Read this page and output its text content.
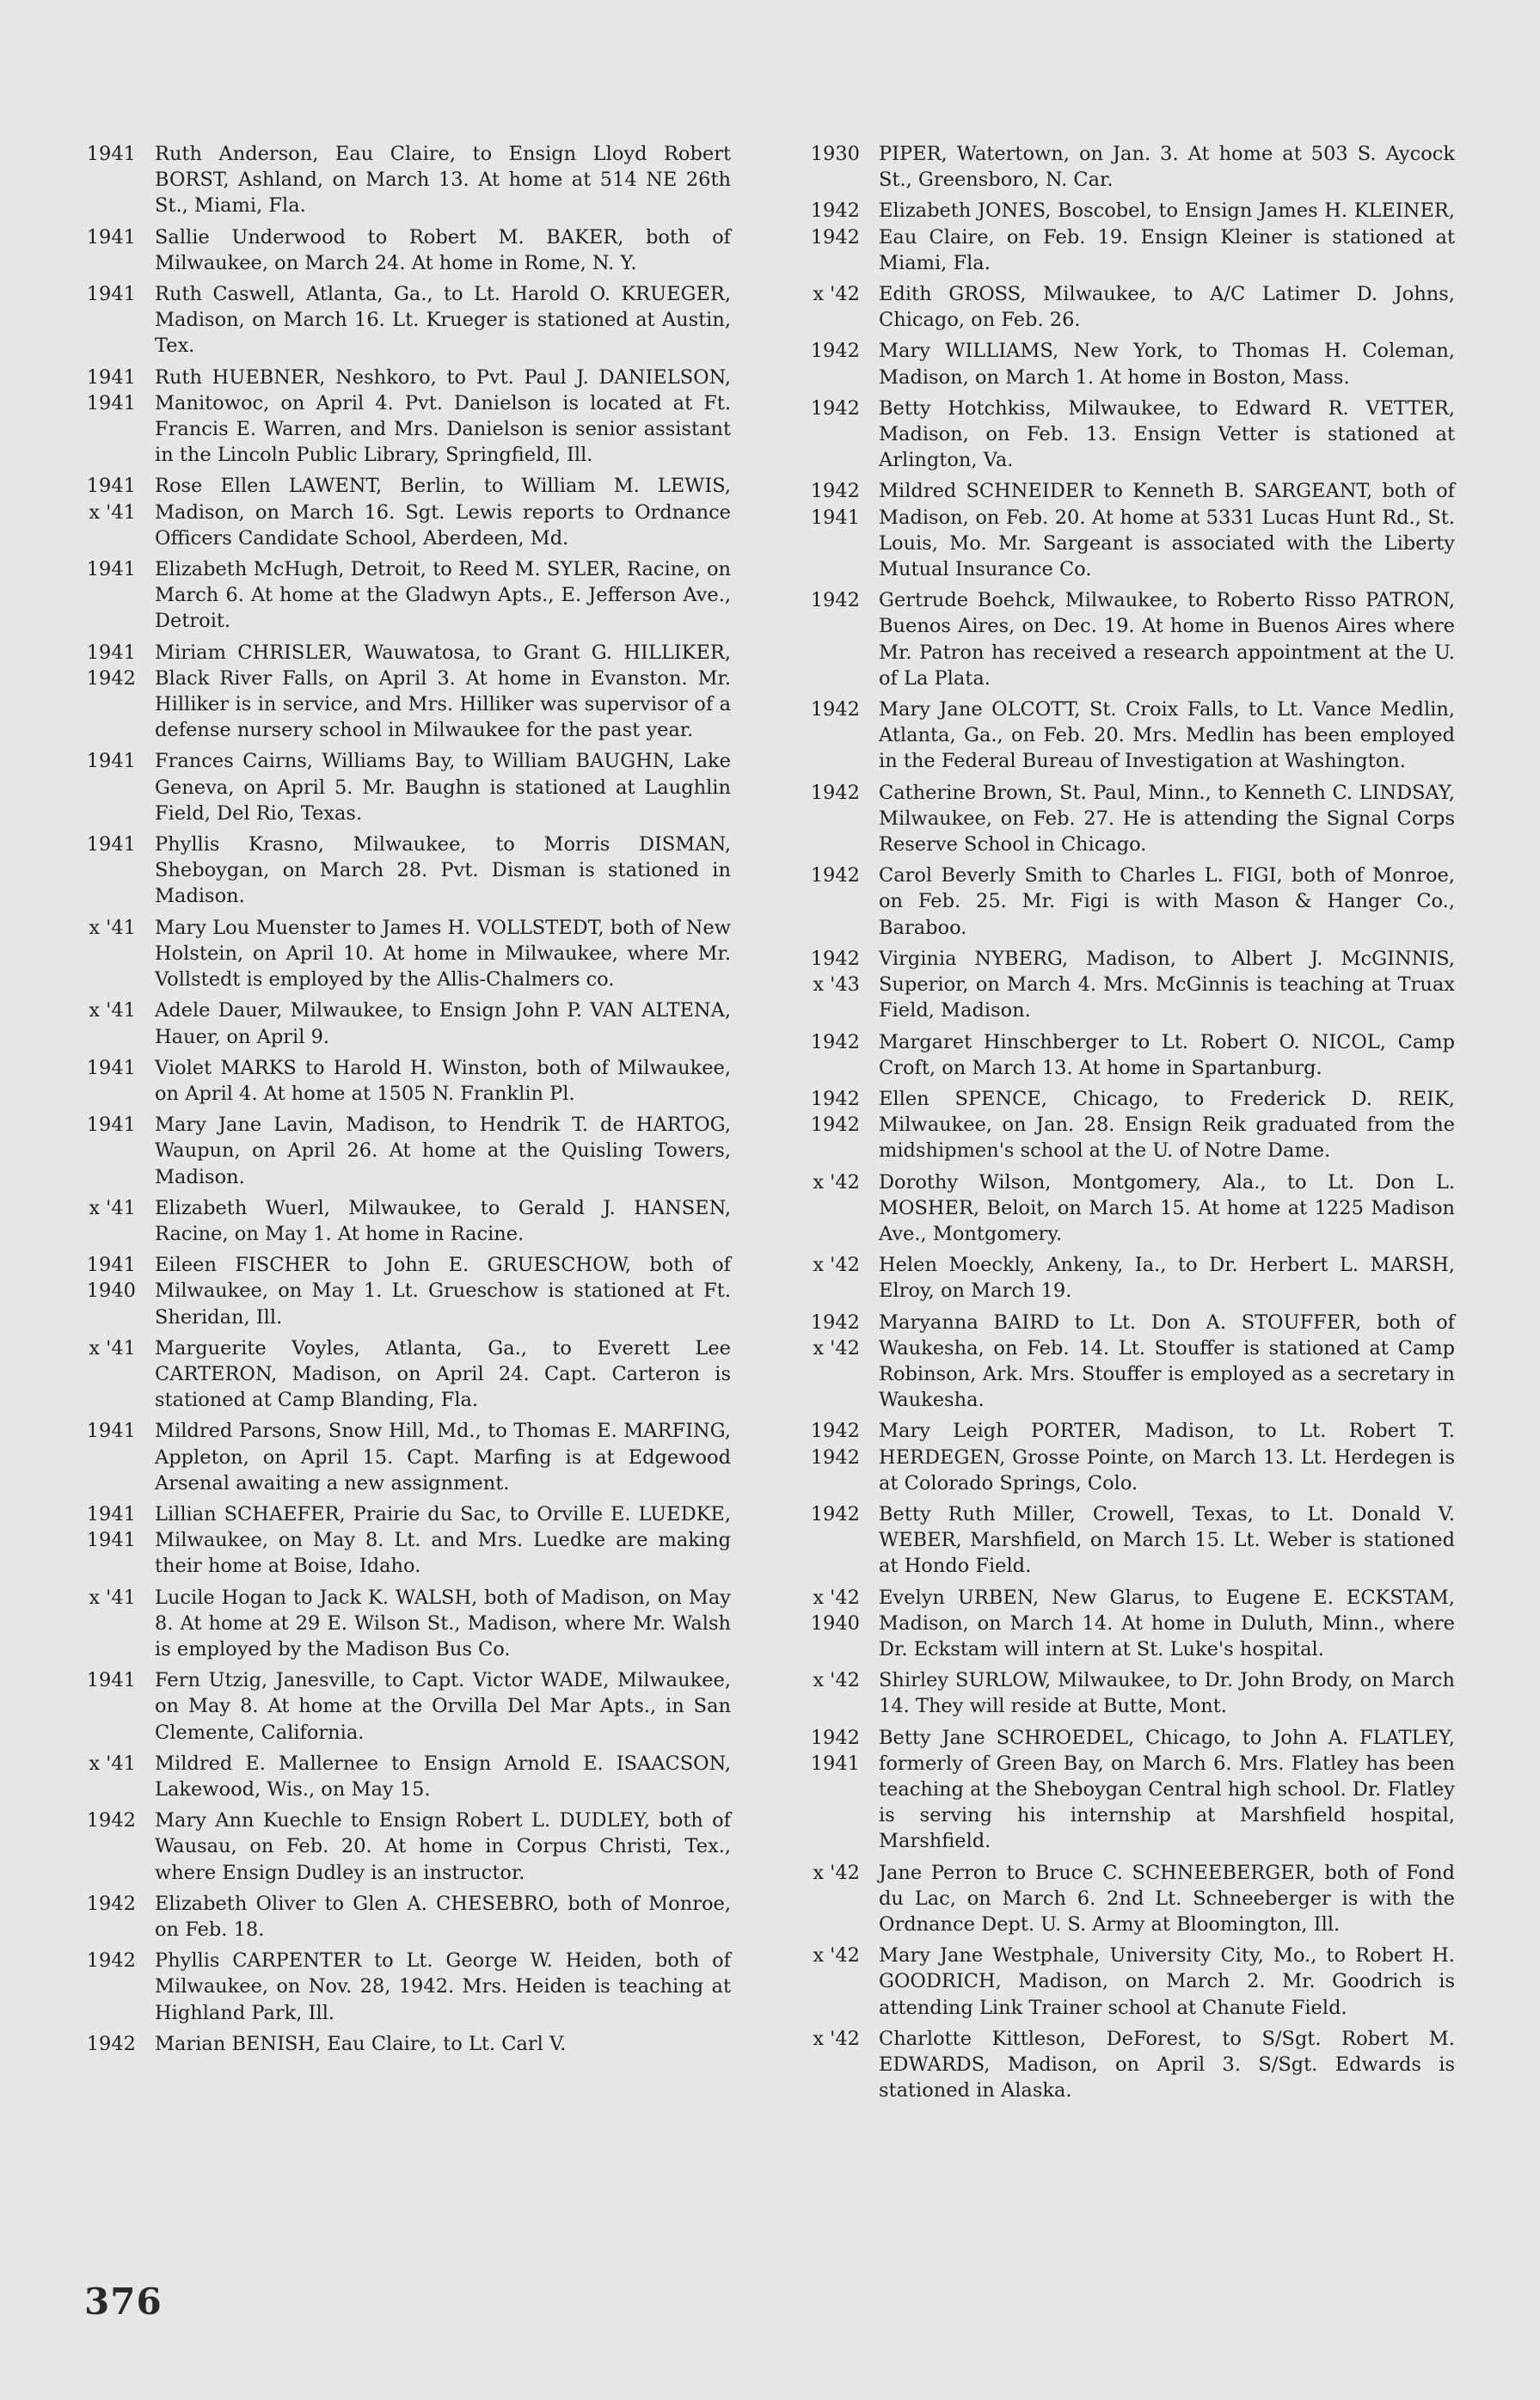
1941 Ruth Anderson, Eau Claire, to Ensign Lloyd Robert BORST, Ashland, on March 13. At home at 514 NE 26th St., Miami, Fla.
1941 Sallie Underwood to Robert M. BAKER, both of Milwaukee, on March 24. At home in Rome, N. Y.
1941 Ruth Caswell, Atlanta, Ga., to Lt. Harold O. KRUEGER, Madison, on March 16. Lt. Krueger is stationed at Austin, Tex.
1941
1941
Ruth HUEBNER, Neshkoro, to Pvt. Paul J. DANIELSON, Manitowoc, on April 4. Pvt. Danielson is located at Ft. Francis E. Warren, and Mrs. Danielson is senior assistant in the Lincoln Public Library, Springfield, Ill.
1941
x '41
Rose Ellen LAWENT, Berlin, to William M. LEWIS, Madison, on March 16. Sgt. Lewis reports to Ordnance Officers Candidate School, Aberdeen, Md.
1941 Elizabeth McHugh, Detroit, to Reed M. SYLER, Racine, on March 6. At home at the Gladwyn Apts., E. Jefferson Ave., Detroit.
1941
1942
Miriam CHRISLER, Wauwatosa, to Grant G. HILLIKER, Black River Falls, on April 3. At home in Evanston. Mr. Hilliker is in service, and Mrs. Hilliker was supervisor of a defense nursery school in Milwaukee for the past year.
1941 Frances Cairns, Williams Bay, to William BAUGHN, Lake Geneva, on April 5. Mr. Baughn is stationed at Laughlin Field, Del Rio, Texas.
1941 Phyllis Krasno, Milwaukee, to Morris DISMAN, Sheboygan, on March 28. Pvt. Disman is stationed in Madison.
x '41 Mary Lou Muenster to James H. VOLLSTEDT, both of New Holstein, on April 10. At home in Milwaukee, where Mr. Vollstedt is employed by the Allis-Chalmers co.
x '41 Adele Dauer, Milwaukee, to Ensign John P. VAN ALTENA, Hauer, on April 9.
1941 Violet MARKS to Harold H. Winston, both of Milwaukee, on April 4. At home at 1505 N. Franklin Pl.
1941 Mary Jane Lavin, Madison, to Hendrik T. de HARTOG, Waupun, on April 26. At home at the Quisling Towers, Madison.
x '41 Elizabeth Wuerl, Milwaukee, to Gerald J. HANSEN, Racine, on May 1. At home in Racine.
1941
1940
Eileen FISCHER to John E. GRUESCHOW, both of Milwaukee, on May 1. Lt. Grueschow is stationed at Ft. Sheridan, Ill.
x '41 Marguerite Voyles, Atlanta, Ga., to Everett Lee CARTERON, Madison, on April 24. Capt. Carteron is stationed at Camp Blanding, Fla.
1941 Mildred Parsons, Snow Hill, Md., to Thomas E. MARFING, Appleton, on April 15. Capt. Marfing is at Edgewood Arsenal awaiting a new assignment.
1941
1941
Lillian SCHAEFER, Prairie du Sac, to Orville E. LUEDKE, Milwaukee, on May 8. Lt. and Mrs. Luedke are making their home at Boise, Idaho.
x '41 Lucile Hogan to Jack K. WALSH, both of Madison, on May 8. At home at 29 E. Wilson St., Madison, where Mr. Walsh is employed by the Madison Bus Co.
1941 Fern Utzig, Janesville, to Capt. Victor WADE, Milwaukee, on May 8. At home at the Orvilla Del Mar Apts., in San Clemente, California.
x '41 Mildred E. Mallernee to Ensign Arnold E. ISAACSON, Lakewood, Wis., on May 15.
1942 Mary Ann Kuechle to Ensign Robert L. DUDLEY, both of Wausau, on Feb. 20. At home in Corpus Christi, Tex., where Ensign Dudley is an instructor.
1942 Elizabeth Oliver to Glen A. CHESEBRO, both of Monroe, on Feb. 18.
1942 Phyllis CARPENTER to Lt. George W. Heiden, both of Milwaukee, on Nov. 28, 1942. Mrs. Heiden is teaching at Highland Park, Ill.
1942 Marian BENISH, Eau Claire, to Lt. Carl V.
1930 PIPER, Watertown, on Jan. 3. At home at 503 S. Aycock St., Greensboro, N. Car.
1942
1942
Elizabeth JONES, Boscobel, to Ensign James H. KLEINER, Eau Claire, on Feb. 19. Ensign Kleiner is stationed at Miami, Fla.
x '42 Edith GROSS, Milwaukee, to A/C Latimer D. Johns, Chicago, on Feb. 26.
1942 Mary WILLIAMS, New York, to Thomas H. Coleman, Madison, on March 1. At home in Boston, Mass.
1942 Betty Hotchkiss, Milwaukee, to Edward R. VETTER, Madison, on Feb. 13. Ensign Vetter is stationed at Arlington, Va.
1942
1941
Mildred SCHNEIDER to Kenneth B. SARGEANT, both of Madison, on Feb. 20. At home at 5331 Lucas Hunt Rd., St. Louis, Mo. Mr. Sargeant is associated with the Liberty Mutual Insurance Co.
1942 Gertrude Boehck, Milwaukee, to Roberto Risso PATRON, Buenos Aires, on Dec. 19. At home in Buenos Aires where Mr. Patron has received a research appointment at the U. of La Plata.
1942 Mary Jane OLCOTT, St. Croix Falls, to Lt. Vance Medlin, Atlanta, Ga., on Feb. 20. Mrs. Medlin has been employed in the Federal Bureau of Investigation at Washington.
1942 Catherine Brown, St. Paul, Minn., to Kenneth C. LINDSAY, Milwaukee, on Feb. 27. He is attending the Signal Corps Reserve School in Chicago.
1942 Carol Beverly Smith to Charles L. FIGI, both of Monroe, on Feb. 25. Mr. Figi is with Mason & Hanger Co., Baraboo.
1942
x '43
Virginia NYBERG, Madison, to Albert J. McGINNIS, Superior, on March 4. Mrs. McGinnis is teaching at Truax Field, Madison.
1942 Margaret Hinschberger to Lt. Robert O. NICOL, Camp Croft, on March 13. At home in Spartanburg.
1942
1942
Ellen SPENCE, Chicago, to Frederick D. REIK, Milwaukee, on Jan. 28. Ensign Reik graduated from the midshipmen's school at the U. of Notre Dame.
x '42 Dorothy Wilson, Montgomery, Ala., to Lt. Don L. MOSHER, Beloit, on March 15. At home at 1225 Madison Ave., Montgomery.
x '42 Helen Moeckly, Ankeny, Ia., to Dr. Herbert L. MARSH, Elroy, on March 19.
1942
x '42
Maryanna BAIRD to Lt. Don A. STOUFFER, both of Waukesha, on Feb. 14. Lt. Stouffer is stationed at Camp Robinson, Ark. Mrs. Stouffer is employed as a secretary in Waukesha.
1942
1942
Mary Leigh PORTER, Madison, to Lt. Robert T. HERDEGEN, Grosse Pointe, on March 13. Lt. Herdegen is at Colorado Springs, Colo.
1942 Betty Ruth Miller, Crowell, Texas, to Lt. Donald V. WEBER, Marshfield, on March 15. Lt. Weber is stationed at Hondo Field.
x '42
1940
Evelyn URBEN, New Glarus, to Eugene E. ECKSTAM, Madison, on March 14. At home in Duluth, Minn., where Dr. Eckstam will intern at St. Luke's hospital.
x '42 Shirley SURLOW, Milwaukee, to Dr. John Brody, on March 14. They will reside at Butte, Mont.
1942
1941
Betty Jane SCHROEDEL, Chicago, to John A. FLATLEY, formerly of Green Bay, on March 6. Mrs. Flatley has been teaching at the Sheboygan Central high school. Dr. Flatley is serving his internship at Marshfield hospital, Marshfield.
x '42 Jane Perron to Bruce C. SCHNEEBERGER, both of Fond du Lac, on March 6. 2nd Lt. Schneeberger is with the Ordnance Dept. U. S. Army at Bloomington, Ill.
x '42 Mary Jane Westphale, University City, Mo., to Robert H. GOODRICH, Madison, on March 2. Mr. Goodrich is attending Link Trainer school at Chanute Field.
x '42 Charlotte Kittleson, DeForest, to S/Sgt. Robert M. EDWARDS, Madison, on April 3. S/Sgt. Edwards is stationed in Alaska.
376
